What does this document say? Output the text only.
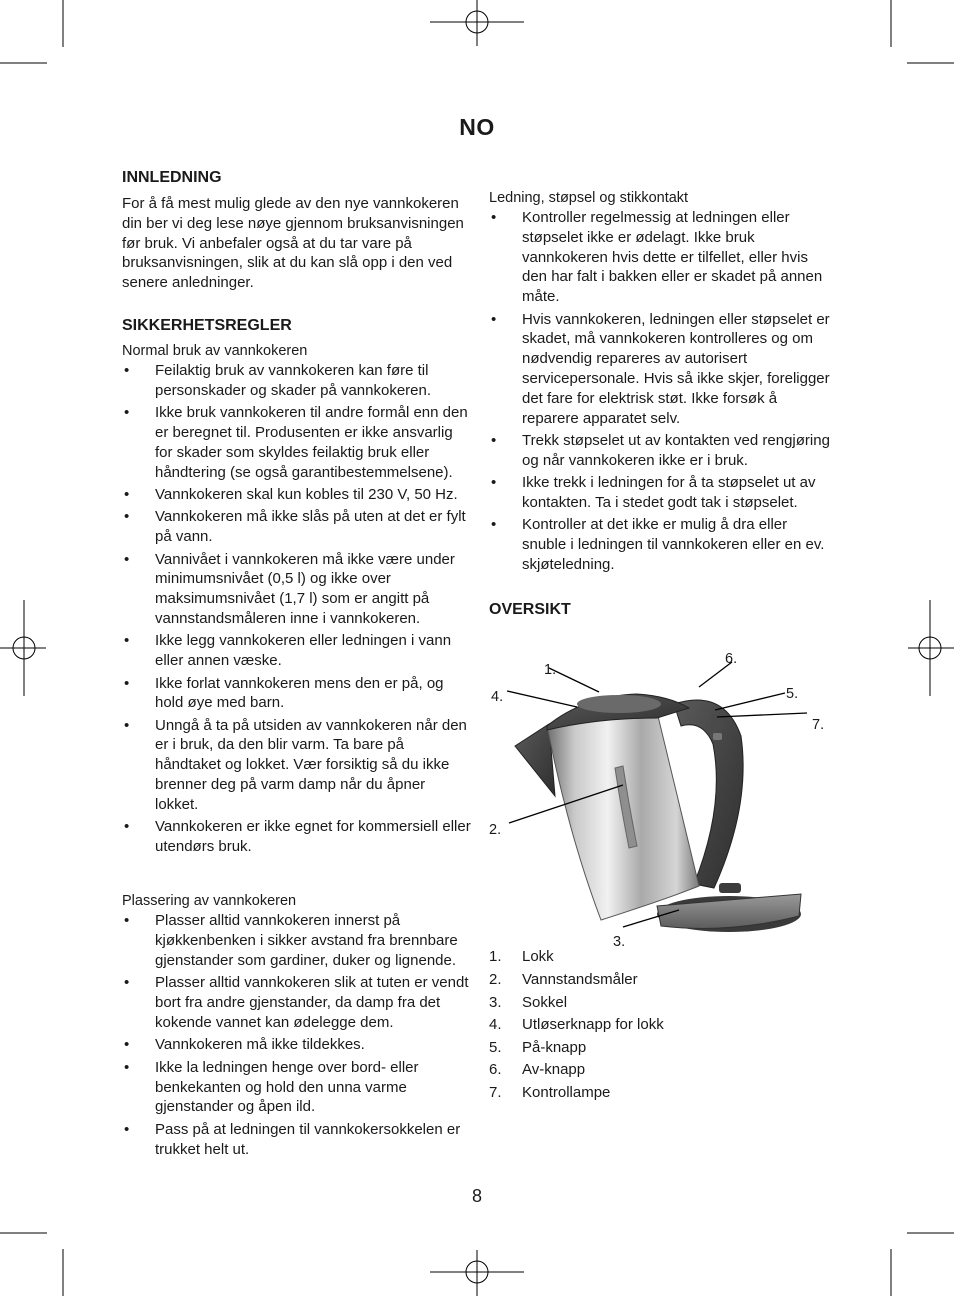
NO
INNLEDNING

For å få mest mulig glede av den nye vannkokeren din ber vi deg lese nøye gjennom bruksanvisningen før bruk. Vi anbefaler også at du tar vare på bruksanvisningen, slik at du kan slå opp i den ved senere anledninger.

SIKKERHETSREGLER
Normal bruk av vannkokeren
• Feilaktig bruk av vannkokeren kan føre til personskader og skader på vannkokeren.
• Ikke bruk vannkokeren til andre formål enn den er beregnet til. Produsenten er ikke ansvarlig for skader som skyldes feilaktig bruk eller håndtering (se også garantibestemmelsene).
• Vannkokeren skal kun kobles til 230 V, 50 Hz.
• Vannkokeren må ikke slås på uten at det er fylt på vann.
• Vannivået i vannkokeren må ikke være under minimumsnivået (0,5 l) og ikke over maksimumsnivået (1,7 l) som er angitt på vannstandsmåleren inne i vannkokeren.
• Ikke legg vannkokeren eller ledningen i vann eller annen væske.
• Ikke forlat vannkokeren mens den er på, og hold øye med barn.
• Unngå å ta på utsiden av vannkokeren når den er i bruk, da den blir varm. Ta bare på håndtaket og lokket. Vær forsiktig så du ikke brenner deg på varm damp når du åpner lokket.
• Vannkokeren er ikke egnet for kommersiell eller utendørs bruk.
Plassering av vannkokeren
• Plasser alltid vannkokeren innerst på kjøkkenbenken i sikker avstand fra brennbare gjenstander som gardiner, duker og lignende.
• Plasser alltid vannkokeren slik at tuten er vendt bort fra andre gjenstander, da damp fra det kokende vannet kan ødelegge dem.
• Vannkokeren må ikke tildekkes.
• Ikke la ledningen henge over bord- eller benkekanten og hold den unna varme gjenstander og åpen ild.
• Pass på at ledningen til vannkokersokkelen er trukket helt ut.
Ledning, støpsel og stikkontakt
• Kontroller regelmessig at ledningen eller støpselet ikke er ødelagt. Ikke bruk vannkokeren hvis dette er tilfellet, eller hvis den har falt i bakken eller er skadet på annen måte.
• Hvis vannkokeren, ledningen eller støpselet er skadet, må vannkokeren kontrolleres og om nødvendig repareres av autorisert servicepersonale. Hvis så ikke skjer, foreligger det fare for elektrisk støt. Ikke forsøk å reparere apparatet selv.
• Trekk støpselet ut av kontakten ved rengjøring og når vannkokeren ikke er i bruk.
• Ikke trekk i ledningen for å ta støpselet ut av kontakten. Ta i stedet godt tak i støpselet.
• Kontroller at det ikke er mulig å dra eller snuble i ledningen til vannkokeren eller en ev. skjøteledning.
OVERSIKT
1.
2.
3.
4.	5.
6.
7.
1. Lokk
2. Vannstandsmåler
3. Sokkel
4. Utløserknapp for lokk
5. På-knapp
6. Av-knapp
7. Kontrollampe
8
